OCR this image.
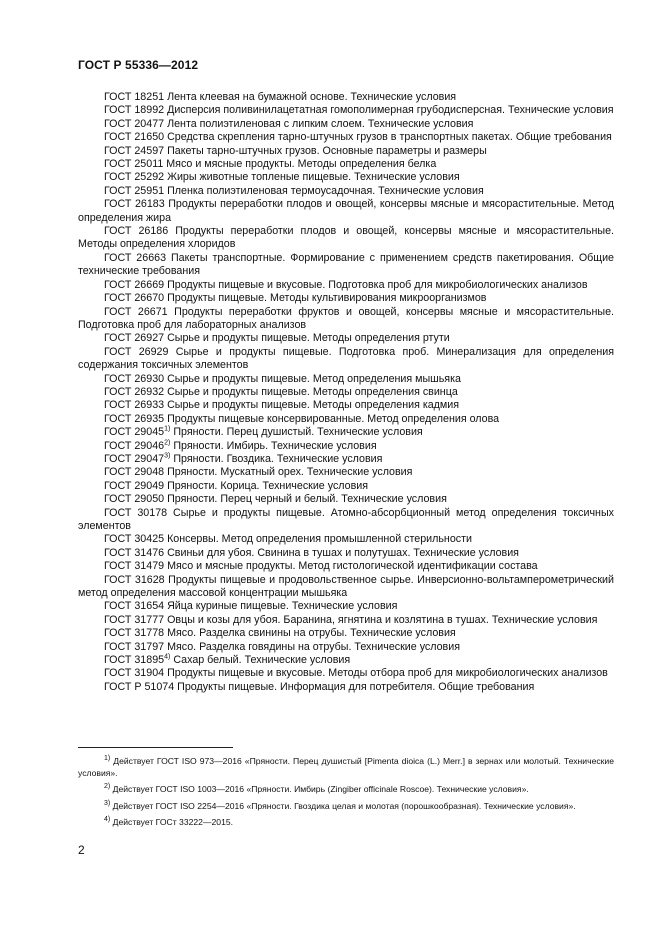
ГОСТ Р 55336—2012

ГОСТ 18251 Лента клеевая на бумажной основе. Технические условия

ГОСТ 18992 Дисперсия поливинилацетатная гомополимерная грубодисперсная. Технические условия

ГОСТ 20477 Лента полиэтиленовая с липким слоем. Технические условия

ГОСТ 21650 Средства скрепления тарно-штучных грузов в транспортных пакетах. Общие требования

ГОСТ 24597 Пакеты тарно-штучных грузов. Основные параметры и размеры

ГОСТ 25011 Мясо и мясные продукты. Методы определения белка

ГОСТ 25292 Жиры животные топленые пищевые. Технические условия

ГОСТ 25951 Пленка полиэтиленовая термоусадочная. Технические условия

ГОСТ 26183 Продукты переработки плодов и овощей, консервы мясные и мясорастительные. Метод определения жира

ГОСТ 26186 Продукты переработки плодов и овощей, консервы мясные и мясорастительные. Методы определения хлоридов

ГОСТ 26663 Пакеты транспортные. Формирование с применением средств пакетирования. Общие технические требования

ГОСТ 26669 Продукты пищевые и вкусовые. Подготовка проб для микробиологических анализов

ГОСТ 26670 Продукты пищевые. Методы культивирования микроорганизмов

ГОСТ 26671 Продукты переработки фруктов и овощей, консервы мясные и мясорастительные. Подготовка проб для лабораторных анализов

ГОСТ 26927 Сырье и продукты пищевые. Методы определения ртути

ГОСТ 26929 Сырье и продукты пищевые. Подготовка проб. Минерализация для определения содержания токсичных элементов

ГОСТ 26930 Сырье и продукты пищевые. Метод определения мышьяка

ГОСТ 26932 Сырье и продукты пищевые. Методы определения свинца

ГОСТ 26933 Сырье и продукты пищевые. Методы определения кадмия

ГОСТ 26935 Продукты пищевые консервированные. Метод определения олова

ГОСТ 29045$^{1)}$ Пряности. Перец душистый. Технические условия

ГОСТ 29046$^{2)}$ Пряности. Имбирь. Технические условия

ГОСТ 29047$^{3)}$ Пряности. Гвоздика. Технические условия

ГОСТ 29048 Пряности. Мускатный орех. Технические условия

ГОСТ 29049 Пряности. Корица. Технические условия

ГОСТ 29050 Пряности. Перец черный и белый. Технические условия

ГОСТ 30178 Сырье и продукты пищевые. Атомно-абсорбционный метод определения токсичных элементов

ГОСТ 30425 Консервы. Метод определения промышленной стерильности

ГОСТ 31476 Свиньи для убоя. Свинина в тушах и полутушах. Технические условия

ГОСТ 31479 Мясо и мясные продукты. Метод гистологической идентификации состава

ГОСТ 31628 Продукты пищевые и продовольственное сырье. Инверсионно-вольтамперометрический метод определения массовой концентрации мышьяка

ГОСТ 31654 Яйца куриные пищевые. Технические условия

ГОСТ 31777 Овцы и козы для убоя. Баранина, ягнятина и козлятина в тушах. Технические условия

ГОСТ 31778 Мясо. Разделка свинины на отрубы. Технические условия

ГОСТ 31797 Мясо. Разделка говядины на отрубы. Технические условия

ГОСТ 31895$^{4)}$ Сахар белый. Технические условия

ГОСТ 31904 Продукты пищевые и вкусовые. Методы отбора проб для микробиологических анализов

ГОСТ Р 51074 Продукты пищевые. Информация для потребителя. Общие требования

$^{1)}$ Действует ГОСТ ISO 973—2016 «Пряности. Перец душистый [Pimenta dioica (L.) Merr.] в зернах или молотый. Технические условия».

$^{2)}$ Действует ГОСТ ISO 1003—2016 «Пряности. Имбирь (Zingiber officinale Roscoe). Технические условия».

$^{3)}$ Действует ГОСТ ISO 2254—2016 «Пряности. Гвоздика целая и молотая (порошкообразная). Технические условия».

$^{4)}$ Действует ГОСт 33222—2015.

2
